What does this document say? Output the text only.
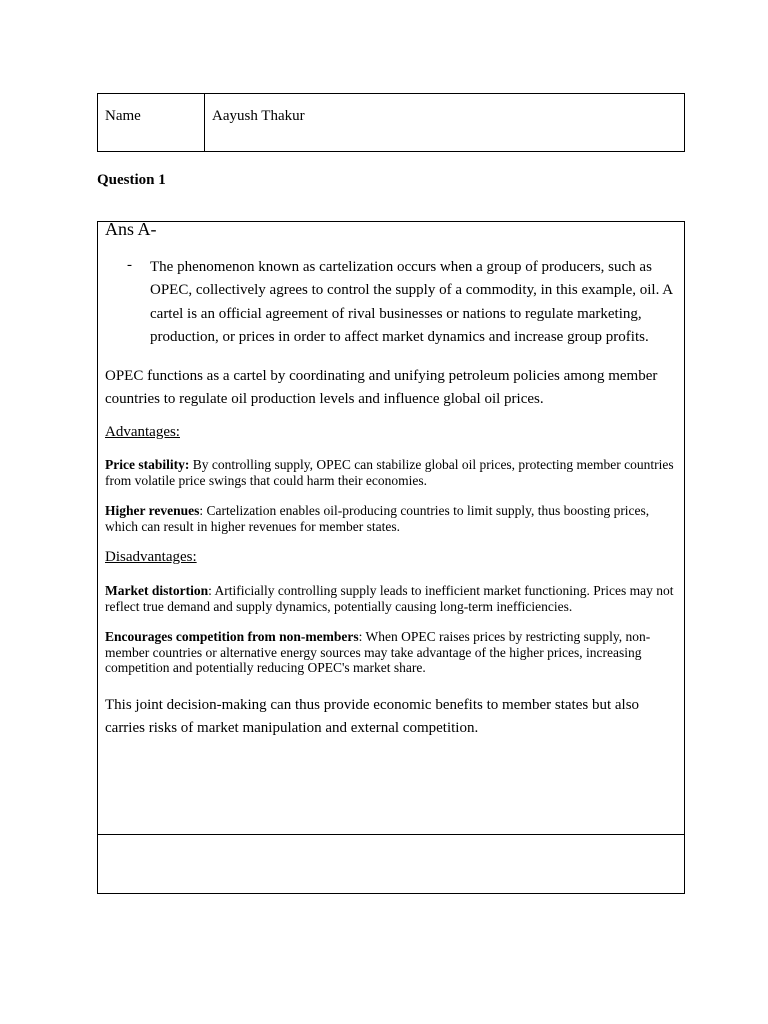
Name	Aayush Thakur
Question 1
Ans A-
- The phenomenon known as cartelization occurs when a group of producers, such as OPEC, collectively agrees to control the supply of a commodity, in this example, oil. A cartel is an official agreement of rival businesses or nations to regulate marketing, production, or prices in order to affect market dynamics and increase group profits.
OPEC functions as a cartel by coordinating and unifying petroleum policies among member countries to regulate oil production levels and influence global oil prices.
Advantages:
Price stability: By controlling supply, OPEC can stabilize global oil prices, protecting member countries from volatile price swings that could harm their economies.
Higher revenues: Cartelization enables oil-producing countries to limit supply, thus boosting prices, which can result in higher revenues for member states.
Disadvantages:
Market distortion: Artificially controlling supply leads to inefficient market functioning. Prices may not reflect true demand and supply dynamics, potentially causing long-term inefficiencies.
Encourages competition from non-members: When OPEC raises prices by restricting supply, non-member countries or alternative energy sources may take advantage of the higher prices, increasing competition and potentially reducing OPEC's market share.
This joint decision-making can thus provide economic benefits to member states but also carries risks of market manipulation and external competition.
